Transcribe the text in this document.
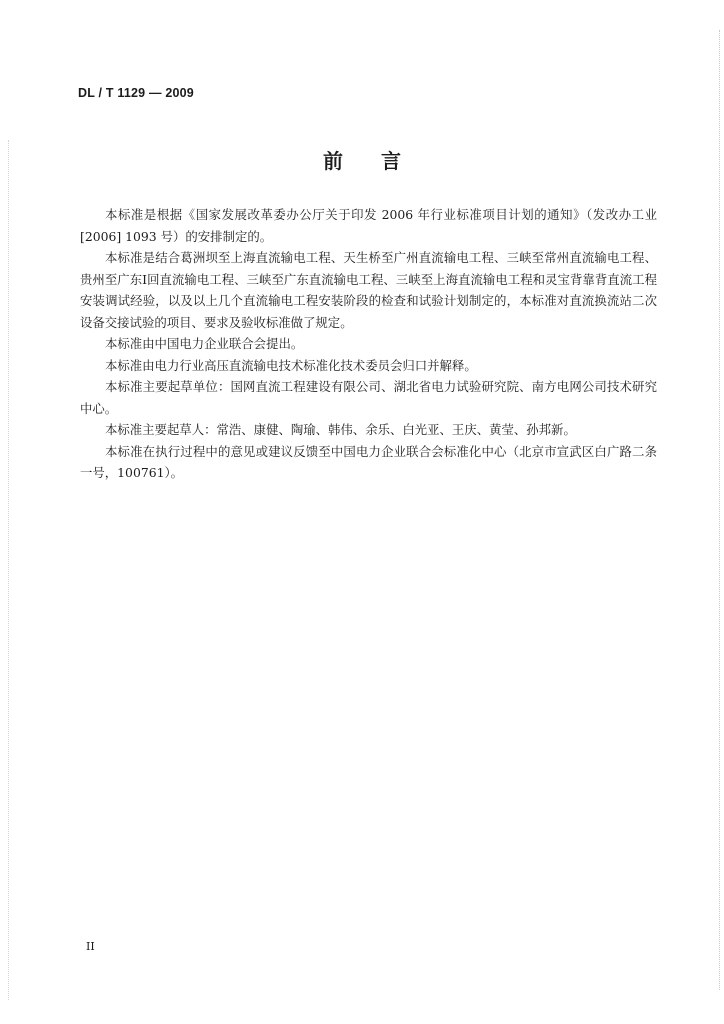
DL / T 1129 — 2009
前言

本标准是根据《国家发展改革委办公厅关于印发 2006 年行业标准项目计划的通知》（发改办工业[2006] 1093 号）的安排制定的。

本标准是结合葛洲坝至上海直流输电工程、天生桥至广州直流输电工程、三峡至常州直流输电工程、贵州至广东Ⅰ回直流输电工程、三峡至广东直流输电工程、三峡至上海直流输电工程和灵宝背靠背直流工程安装调试经验，以及以上几个直流输电工程安装阶段的检查和试验计划制定的，本标准对直流换流站二次设备交接试验的项目、要求及验收标准做了规定。

本标准由中国电力企业联合会提出。

本标准由电力行业高压直流输电技术标准化技术委员会归口并解释。

本标准主要起草单位：国网直流工程建设有限公司、湖北省电力试验研究院、南方电网公司技术研究中心。

本标准主要起草人：常浩、康健、陶瑜、韩伟、余乐、白光亚、王庆、黄莹、孙邦新。

本标准在执行过程中的意见或建议反馈至中国电力企业联合会标准化中心（北京市宣武区白广路二条一号，100761）。

II
